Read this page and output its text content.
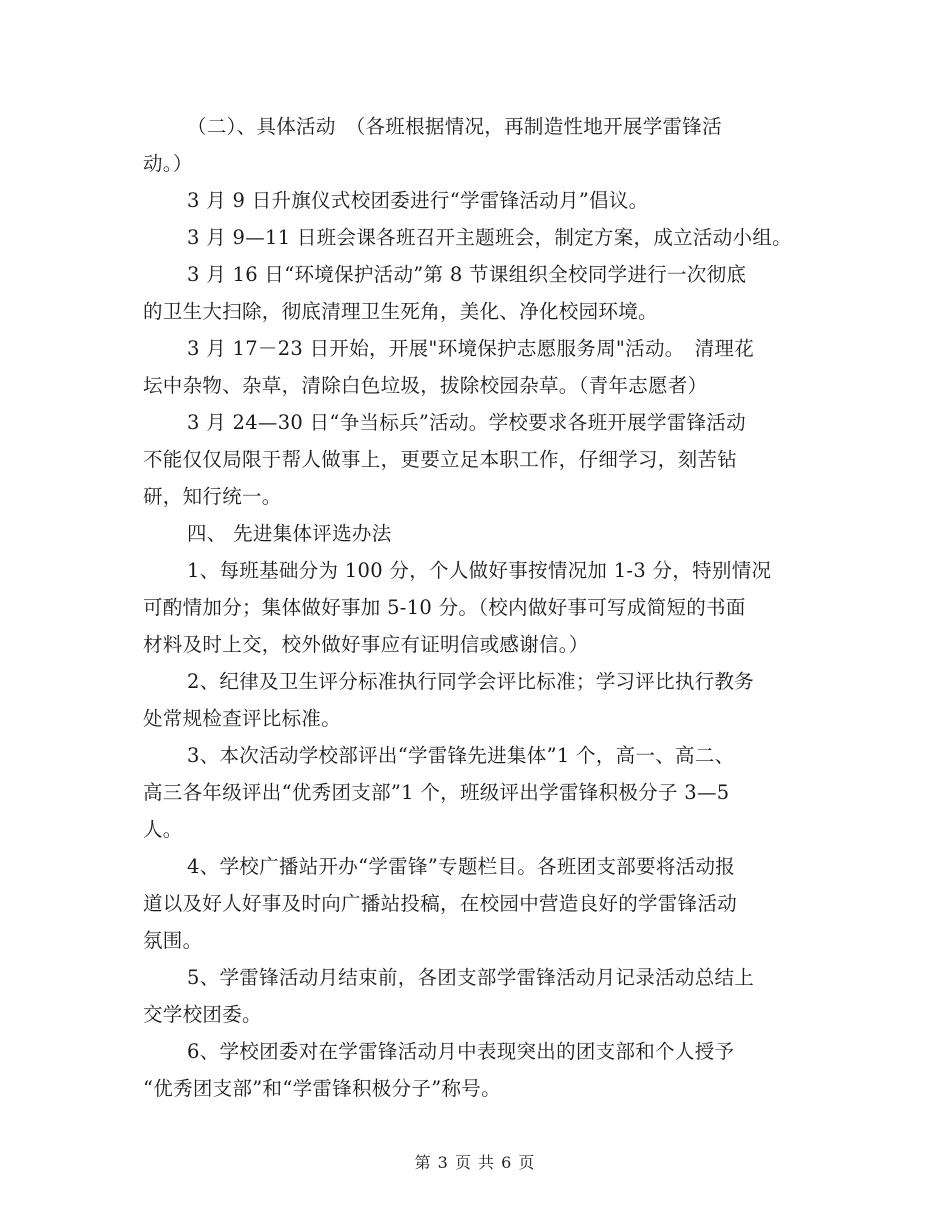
（二）、具体活动　（各班根据情况，再制造性地开展学雷锋活
动。）
3 月 9 日升旗仪式校团委进行“学雷锋活动月”倡议。
3 月 9—11 日班会课各班召开主题班会，制定方案，成立活动小组。
3 月 16 日“环境保护活动”第 8 节课组织全校同学进行一次彻底
的卫生大扫除，彻底清理卫生死角，美化、净化校园环境。
3 月 17－23 日开始，开展"环境保护志愿服务周"活动。　清理花
坛中杂物、杂草，清除白色垃圾，拔除校园杂草。（青年志愿者）
3 月 24—30 日“争当标兵”活动。学校要求各班开展学雷锋活动
不能仅仅局限于帮人做事上，更要立足本职工作，仔细学习，刻苦钻
研，知行统一。
四、 先进集体评选办法
1、每班基础分为 100 分，个人做好事按情况加 1-3 分，特别情况
可酌情加分；集体做好事加 5-10 分。（校内做好事可写成简短的书面
材料及时上交，校外做好事应有证明信或感谢信。）
2、纪律及卫生评分标准执行同学会评比标准；学习评比执行教务
处常规检查评比标准。
3、本次活动学校部评出“学雷锋先进集体”1 个，高一、高二、
高三各年级评出“优秀团支部”1 个，班级评出学雷锋积极分子 3—5
人。
4、学校广播站开办“学雷锋”专题栏目。各班团支部要将活动报
道以及好人好事及时向广播站投稿，在校园中营造良好的学雷锋活动
氛围。
5、学雷锋活动月结束前，各团支部学雷锋活动月记录活动总结上
交学校团委。
6、学校团委对在学雷锋活动月中表现突出的团支部和个人授予
“优秀团支部”和“学雷锋积极分子”称号。
第 3 页 共 6 页
